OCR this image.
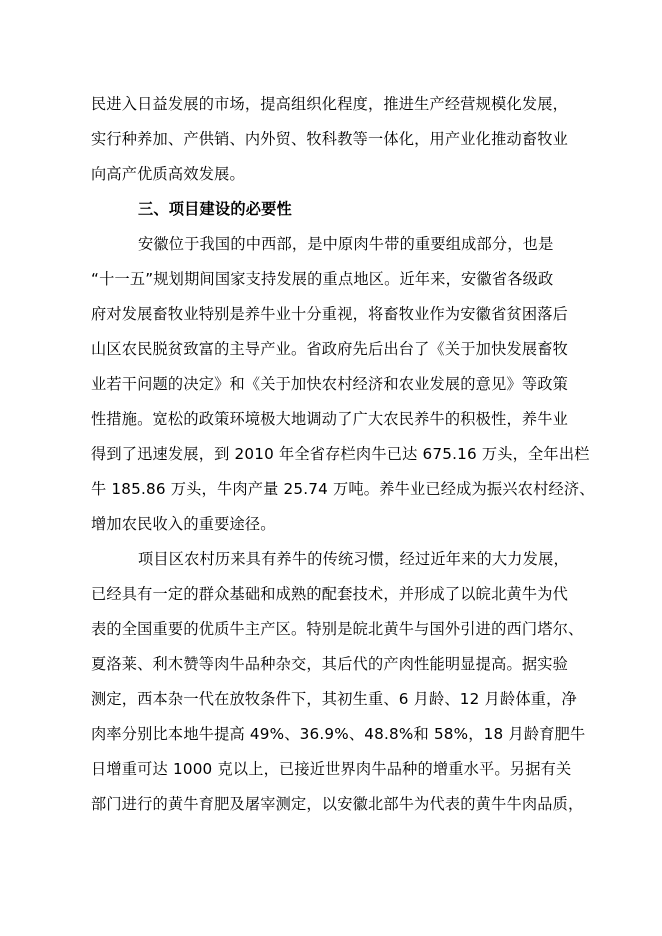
民进入日益发展的市场，提高组织化程度，推进生产经营规模化发展，
实行种养加、产供销、内外贸、牧科教等一体化，用产业化推动畜牧业
向高产优质高效发展。
三、项目建设的必要性
安徽位于我国的中西部，是中原肉牛带的重要组成部分，也是
“十一五”规划期间国家支持发展的重点地区。近年来，安徽省各级政
府对发展畜牧业特别是养牛业十分重视，将畜牧业作为安徽省贫困落后
山区农民脱贫致富的主导产业。省政府先后出台了《关于加快发展畜牧
业若干问题的决定》和《关于加快农村经济和农业发展的意见》等政策
性措施。宽松的政策环境极大地调动了广大农民养牛的积极性，养牛业
得到了迅速发展，到 2010 年全省存栏肉牛已达 675.16 万头，全年出栏
牛 185.86 万头，牛肉产量 25.74 万吨。养牛业已经成为振兴农村经济、
增加农民收入的重要途径。
项目区农村历来具有养牛的传统习惯，经过近年来的大力发展，
已经具有一定的群众基础和成熟的配套技术，并形成了以皖北黄牛为代
表的全国重要的优质牛主产区。特别是皖北黄牛与国外引进的西门塔尔、
夏洛莱、利木赞等肉牛品种杂交，其后代的产肉性能明显提高。据实验
测定，西本杂一代在放牧条件下，其初生重、6 月龄、12 月龄体重，净
肉率分别比本地牛提高 49%、36.9%、48.8%和 58%，18 月龄育肥牛
日增重可达 1000 克以上，已接近世界肉牛品种的增重水平。另据有关
部门进行的黄牛育肥及屠宰测定，以安徽北部牛为代表的黄牛牛肉品质，
